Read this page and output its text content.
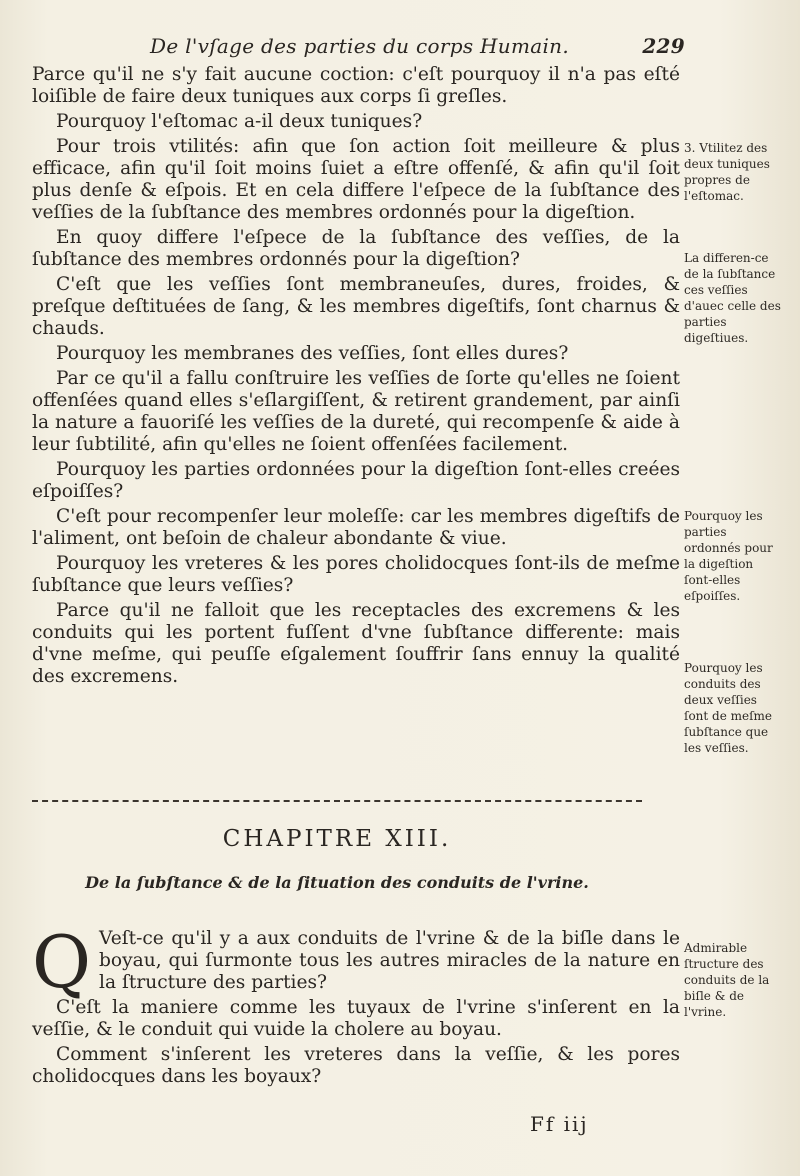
De l'vſage des parties du corps Humain.	229

Parce qu'il ne s'y fait aucune coction: c'eſt pourquoy il n'a pas eſté loiſible de faire deux tuniques aux corps ſi greſles.

Pourquoy l'eſtomac a-il deux tuniques?

Pour trois vtilités: afin que ſon action ſoit meilleure & plus efficace, afin qu'il ſoit moins ſuiet a eſtre offenſé, & afin qu'il ſoit plus denſe & eſpois. Et en cela differe l'eſpece de la ſubſtance des veſſies de la ſubſtance des membres ordonnés pour la digeſtion.

En quoy differe l'eſpece de la ſubſtance des veſſies, de la ſubſtance des membres ordonnés pour la digeſtion?

C'eſt que les veſſies ſont membraneuſes, dures, froides, & preſque deſtituées de ſang, & les membres digeſtifs, ſont charnus & chauds.

Pourquoy les membranes des veſſies, ſont elles dures?

Par ce qu'il a fallu conſtruire les veſſies de ſorte qu'elles ne ſoient offenſées quand elles s'eſlargiſſent, & retirent grandement, par ainſi la nature a fauoriſé les veſſies de la dureté, qui recompenſe & aide à leur ſubtilité, afin qu'elles ne ſoient offenſées facilement.

Pourquoy les parties ordonnées pour la digeſtion ſont-elles creées eſpoiſſes?

C'eſt pour recompenſer leur moleſſe: car les membres digeſtifs de l'aliment, ont beſoin de chaleur abondante & viue.

Pourquoy les vreteres & les pores cholidocques ſont-ils de meſme ſubſtance que leurs veſſies?

Parce qu'il ne falloit que les receptacles des excremens & les conduits qui les portent fuſſent d'vne ſubſtance differente: mais d'vne meſme, qui peuſſe eſgalement ſouffrir ſans ennuy la qualité des excremens.

3. Vtilitez des deux tuniques propres de l'eſtomac.
La differen-ce de la ſubſtance ces veſſies d'auec celle des parties digeſtiues.
Pourquoy les parties ordonnés pour la digeſtion ſont-elles eſpoiſſes.
Pourquoy les conduits des deux veſſies ſont de meſme ſubſtance que les veſſies.
Admirable ſtructure des conduits de la biſle & de l'vrine.
CHAPITRE XIII.
De la ſubſtance & de la ſituation des conduits de l'vrine.

Q Veſt-ce qu'il y a aux conduits de l'vrine & de la biſle dans le boyau, qui ſurmonte tous les autres miracles de la nature en la ſtructure des parties?

C'eſt la maniere comme les tuyaux de l'vrine s'inſerent en la veſſie, & le conduit qui vuide la cholere au boyau.

Comment s'inſerent les vreteres dans la veſſie, & les pores cholidocques dans les boyaux?

Ff iij
